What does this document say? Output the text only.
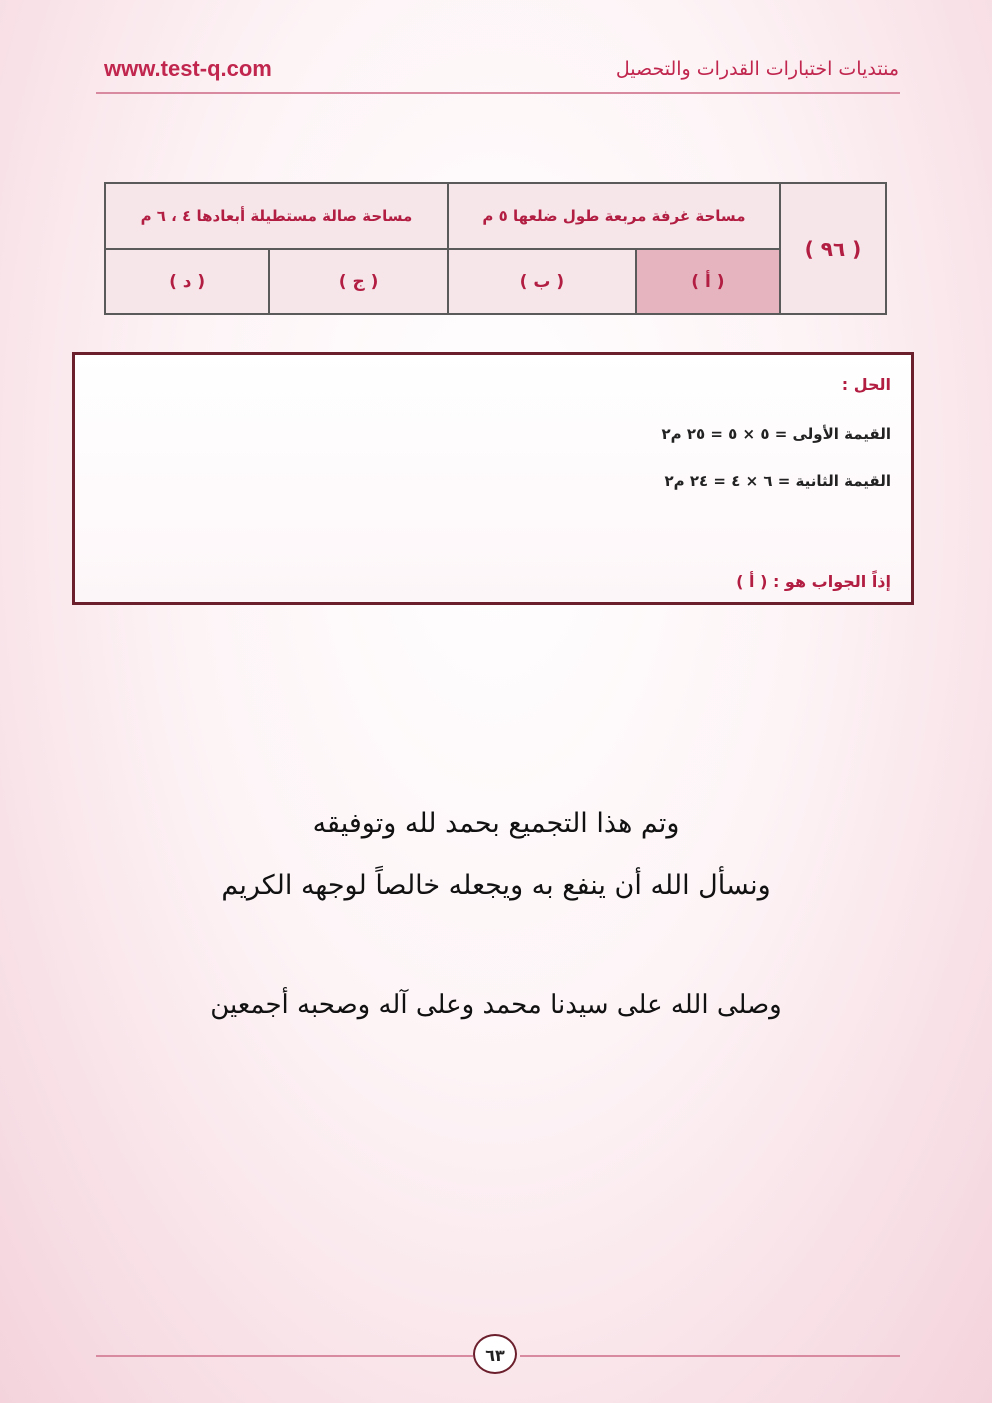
www.test-q.com	منتديات اختبارات القدرات والتحصيل
( ٩٦ )	مساحة غرفة مربعة طول ضلعها ٥ م		مساحة صالة مستطيلة أبعادها ٤ ، ٦ م	
	( أ )	( ب )	( ج )	( د )
الحل :
القيمة الأولى = ٥ × ٥ = ٢٥ م٢
القيمة الثانية = ٦ × ٤ = ٢٤ م٢
إذاً الجواب هو : ( أ )
وتم هذا التجميع بحمد لله وتوفيقه
ونسأل الله أن ينفع به ويجعله خالصاً لوجهه الكريم
وصلى الله على سيدنا محمد وعلى آله وصحبه أجمعين
٦٣
